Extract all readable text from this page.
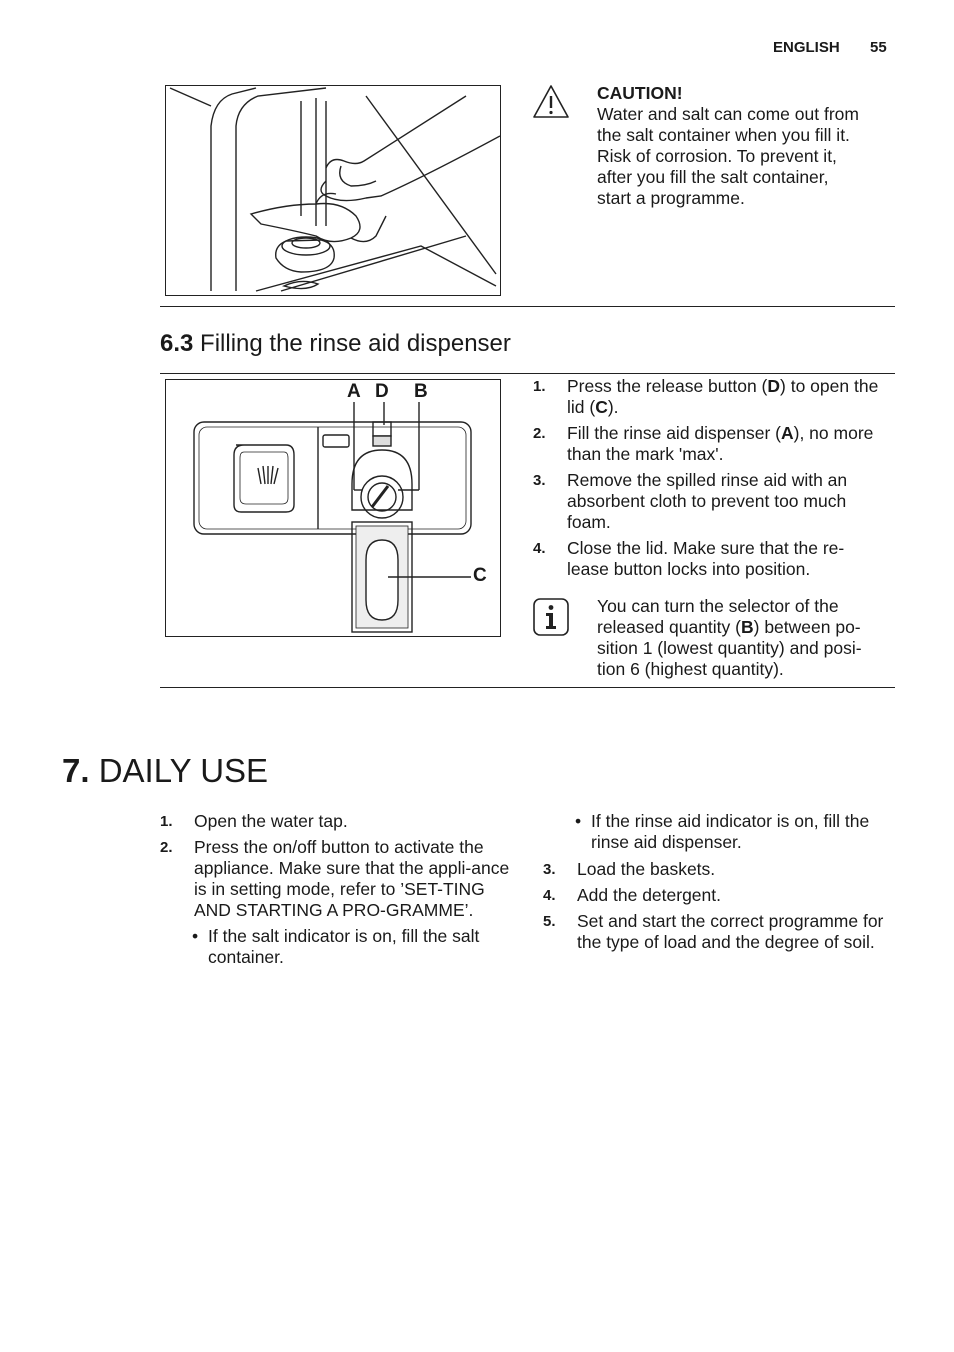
ENGLISH 55
CAUTION!
Water and salt can come out from
the salt container when you fill it.
Risk of corrosion. To prevent it,
after you fill the salt container,
start a programme.
6.3 Filling the rinse aid dispenser
A D B
C
1. Press the release button (D) to open the lid (C).
2. Fill the rinse aid dispenser (A), no more than the mark 'max'.
3. Remove the spilled rinse aid with an absorbent cloth to prevent too much foam.
4. Close the lid. Make sure that the re-lease button locks into position.
You can turn the selector of the released quantity (B) between po-sition 1 (lowest quantity) and posi-tion 6 (highest quantity).
7. DAILY USE
1. Open the water tap.
2. Press the on/off button to activate the appliance. Make sure that the appli-ance is in setting mode, refer to ’SET-TING AND STARTING A PRO-GRAMME’.
• If the salt indicator is on, fill the salt container.
• If the rinse aid indicator is on, fill the rinse aid dispenser.
3. Load the baskets.
4. Add the detergent.
5. Set and start the correct programme for the type of load and the degree of soil.
